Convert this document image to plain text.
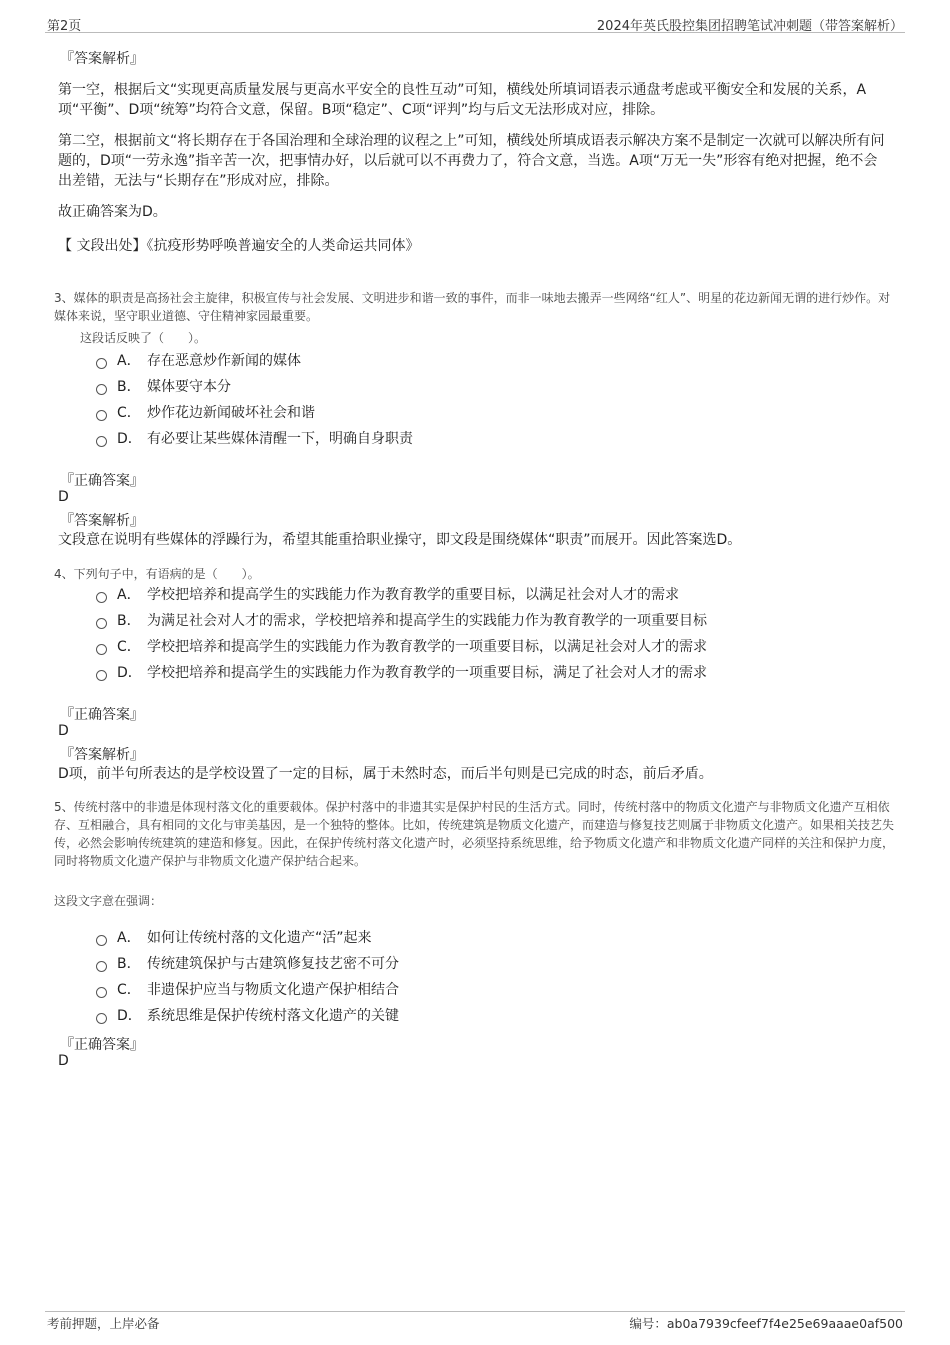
第2页	2024年英氏股控集团招聘笔试冲刺题（带答案解析）
『答案解析』
第一空，根据后文“实现更高质量发展与更高水平安全的良性互动”可知，横线处所填词语表示通盘考虑或平衡安全和发展的关系，A项“平衡”、D项“统筹”均符合文意，保留。B项“稳定”、C项“评判”均与后文无法形成对应，排除。
第二空，根据前文“将长期存在于各国治理和全球治理的议程之上”可知，横线处所填成语表示解决方案不是制定一次就可以解决所有问题的，D项“一劳永逸”指辛苦一次，把事情办好，以后就可以不再费力了，符合文意，当选。A项“万无一失”形容有绝对把握，绝不会出差错，无法与“长期存在”形成对应，排除。
故正确答案为D。
【 文段出处】《抗疫形势呼唤普遍安全的人类命运共同体》
3、媒体的职责是高扬社会主旋律，积极宣传与社会发展、文明进步和谐一致的事件，而非一味地去搬弄一些网络“红人”、明星的花边新闻无谓的进行炒作。对媒体来说，坚守职业道德、守住精神家园最重要。
这段话反映了（　　）。
A． 存在恶意炒作新闻的媒体
B． 媒体要守本分
C． 炒作花边新闻破坏社会和谐
D． 有必要让某些媒体清醒一下，明确自身职责
『正确答案』
D
『答案解析』
文段意在说明有些媒体的浮躁行为，希望其能重拾职业操守，即文段是围绕媒体“职责”而展开。因此答案选D。
4、下列句子中，有语病的是（　　）。
A． 学校把培养和提高学生的实践能力作为教育教学的重要目标，以满足社会对人才的需求
B． 为满足社会对人才的需求，学校把培养和提高学生的实践能力作为教育教学的一项重要目标
C． 学校把培养和提高学生的实践能力作为教育教学的一项重要目标，以满足社会对人才的需求
D． 学校把培养和提高学生的实践能力作为教育教学的一项重要目标，满足了社会对人才的需求
『正确答案』
D
『答案解析』
D项，前半句所表达的是学校设置了一定的目标，属于未然时态，而后半句则是已完成的时态，前后矛盾。
5、传统村落中的非遗是体现村落文化的重要载体。保护村落中的非遗其实是保护村民的生活方式。同时，传统村落中的物质文化遗产与非物质文化遗产互相依存、互相融合，具有相同的文化与审美基因，是一个独特的整体。比如，传统建筑是物质文化遗产，而建造与修复技艺则属于非物质文化遗产。如果相关技艺失传，必然会影响传统建筑的建造和修复。因此，在保护传统村落文化遗产时，必须坚持系统思维，给予物质文化遗产和非物质文化遗产同样的关注和保护力度，同时将物质文化遗产保护与非物质文化遗产保护结合起来。
这段文字意在强调：
A． 如何让传统村落的文化遗产“活”起来
B． 传统建筑保护与古建筑修复技艺密不可分
C． 非遗保护应当与物质文化遗产保护相结合
D． 系统思维是保护传统村落文化遗产的关键
『正确答案』
D
考前押题，上岸必备	编号：ab0a7939cfeef7f4e25e69aaae0af500
